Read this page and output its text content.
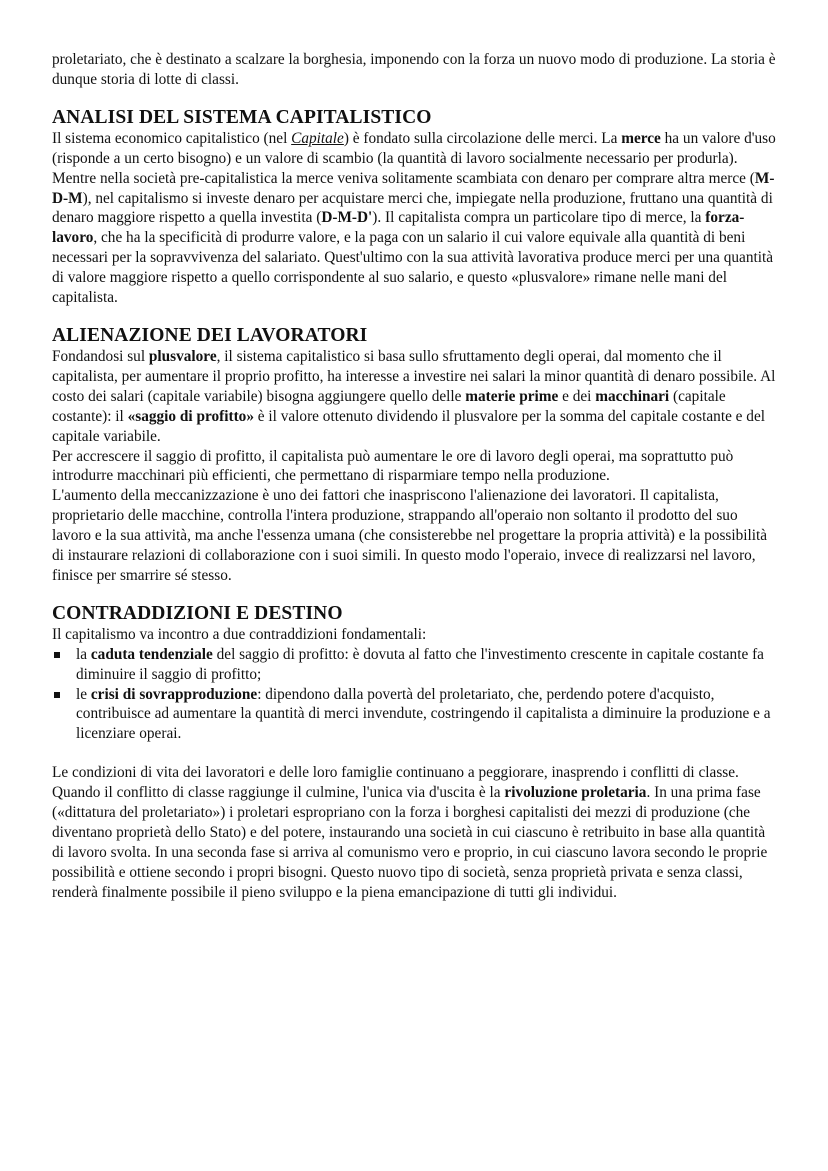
proletariato, che è destinato a scalzare la borghesia, imponendo con la forza un nuovo modo di produzione. La storia è dunque storia di lotte di classi.

ANALISI DEL SISTEMA CAPITALISTICO

Il sistema economico capitalistico (nel Capitale) è fondato sulla circolazione delle merci. La merce ha un valore d'uso (risponde a un certo bisogno) e un valore di scambio (la quantità di lavoro socialmente necessario per produrla). Mentre nella società pre-capitalistica la merce veniva solitamente scambiata con denaro per comprare altra merce (M-D-M), nel capitalismo si investe denaro per acquistare merci che, impiegate nella produzione, fruttano una quantità di denaro maggiore rispetto a quella investita (D-M-D'). Il capitalista compra un particolare tipo di merce, la forza-lavoro, che ha la specificità di produrre valore, e la paga con un salario il cui valore equivale alla quantità di beni necessari per la sopravvivenza del salariato. Quest'ultimo con la sua attività lavorativa produce merci per una quantità di valore maggiore rispetto a quello corrispondente al suo salario, e questo «plusvalore» rimane nelle mani del capitalista.

ALIENAZIONE DEI LAVORATORI

Fondandosi sul plusvalore, il sistema capitalistico si basa sullo sfruttamento degli operai, dal momento che il capitalista, per aumentare il proprio profitto, ha interesse a investire nei salari la minor quantità di denaro possibile. Al costo dei salari (capitale variabile) bisogna aggiungere quello delle materie prime e dei macchinari (capitale costante): il «saggio di profitto» è il valore ottenuto dividendo il plusvalore per la somma del capitale costante e del capitale variabile.

Per accrescere il saggio di profitto, il capitalista può aumentare le ore di lavoro degli operai, ma soprattutto può introdurre macchinari più efficienti, che permettano di risparmiare tempo nella produzione.

L'aumento della meccanizzazione è uno dei fattori che inaspriscono l'alienazione dei lavoratori. Il capitalista, proprietario delle macchine, controlla l'intera produzione, strappando all'operaio non soltanto il prodotto del suo lavoro e la sua attività, ma anche l'essenza umana (che consisterebbe nel progettare la propria attività) e la possibilità di instaurare relazioni di collaborazione con i suoi simili. In questo modo l'operaio, invece di realizzarsi nel lavoro, finisce per smarrire sé stesso.

CONTRADDIZIONI E DESTINO

Il capitalismo va incontro a due contraddizioni fondamentali:

la caduta tendenziale del saggio di profitto: è dovuta al fatto che l'investimento crescente in capitale costante fa diminuire il saggio di profitto;
le crisi di sovrapproduzione: dipendono dalla povertà del proletariato, che, perdendo potere d'acquisto, contribuisce ad aumentare la quantità di merci invendute, costringendo il capitalista a diminuire la produzione e a licenziare operai.

Le condizioni di vita dei lavoratori e delle loro famiglie continuano a peggiorare, inasprendo i conflitti di classe. Quando il conflitto di classe raggiunge il culmine, l'unica via d'uscita è la rivoluzione proletaria. In una prima fase («dittatura del proletariato») i proletari espropriano con la forza i borghesi capitalisti dei mezzi di produzione (che diventano proprietà dello Stato) e del potere, instaurando una società in cui ciascuno è retribuito in base alla quantità di lavoro svolta. In una seconda fase si arriva al comunismo vero e proprio, in cui ciascuno lavora secondo le proprie possibilità e ottiene secondo i propri bisogni. Questo nuovo tipo di società, senza proprietà privata e senza classi, renderà finalmente possibile il pieno sviluppo e la piena emancipazione di tutti gli individui.
